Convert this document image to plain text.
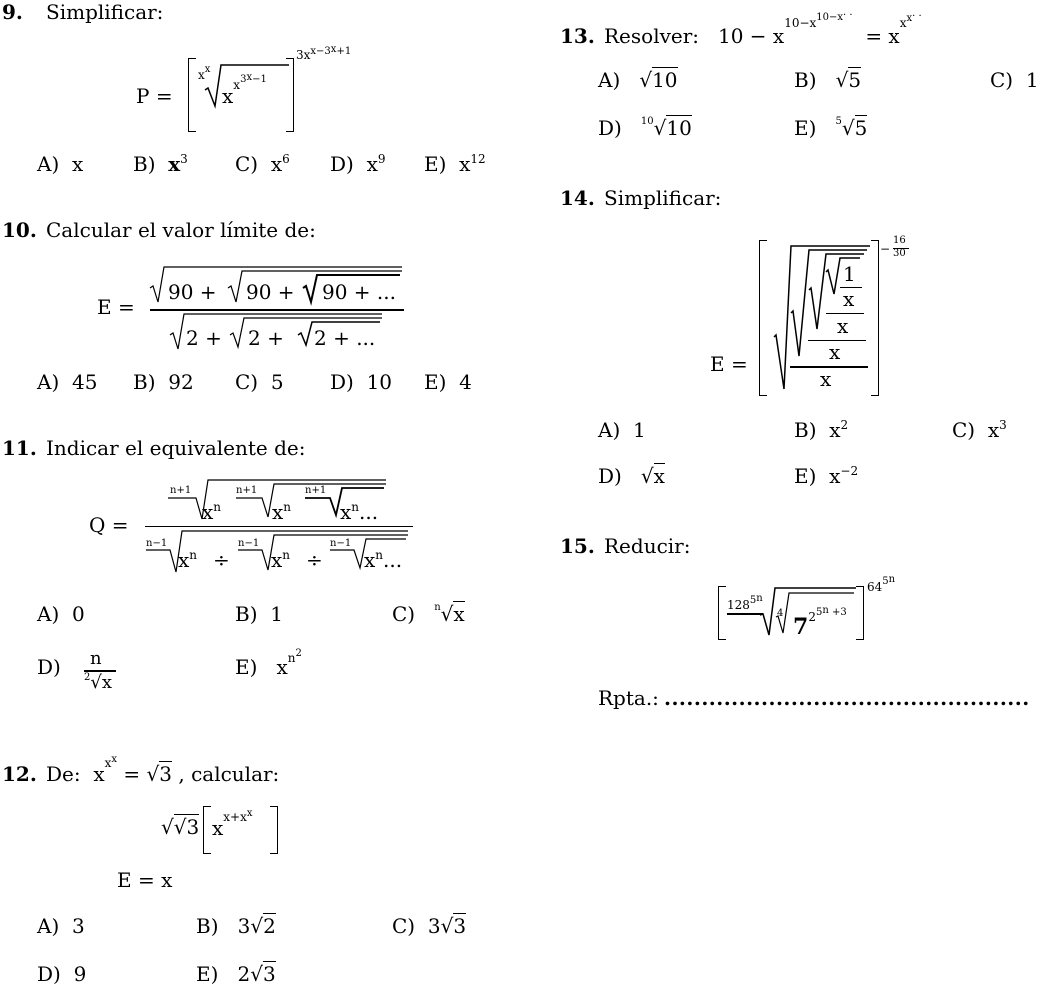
9. Simplificar:
P =
$x^x$
$x^{x^{3^x-1}}$
$3x^{x-3^x+1}$
A) x B) $x^3$ C) $x^6$ D) $x^9$ E) $x^{12}$
10. Calcular el valor límite de:
E =
90 + 90 + 90 + ...
2 + 2 + 2 + ...
A) 45 B) 92 C) 5 D) 10 E) 4
11. Indicar el equivalente de:
Q =
n+1	n+1	n+1
$x^n$	$x^n$ $x^n$...
n−1	n−1	n−1
$x^n \div x^n \div x^n$...
A) 0	B) 1	C) $^n$√x
D) n
$^2$√x
E) $x^{n^2}$
12. De: $x^{x^x} = √3$ , calcular:
√√3 $x^{x+x^x}$
E = x
A) 3	B) 3√2	C) 3√3
D) 9	E) 2√3
13. Resolver: $10 - x^{10-x^{10-x^{\cdot \cdot}}} = x^{x^{x^{\cdot \cdot}}}$
A) √10	B) √5	C) 1
D) $^{10}$√10	E) $^5$√5
14. Simplificar:
E =
1
x
x
x
x
−
16
30
A) 1	B) $x^2$	C) $x^3$
D) √x	E) $x^{-2}$
15. Reducir:
$128^{5^n}$
4
$7^{2^{5^n +3}}$
$64^{5^n}$
Rpta.: .................................................
